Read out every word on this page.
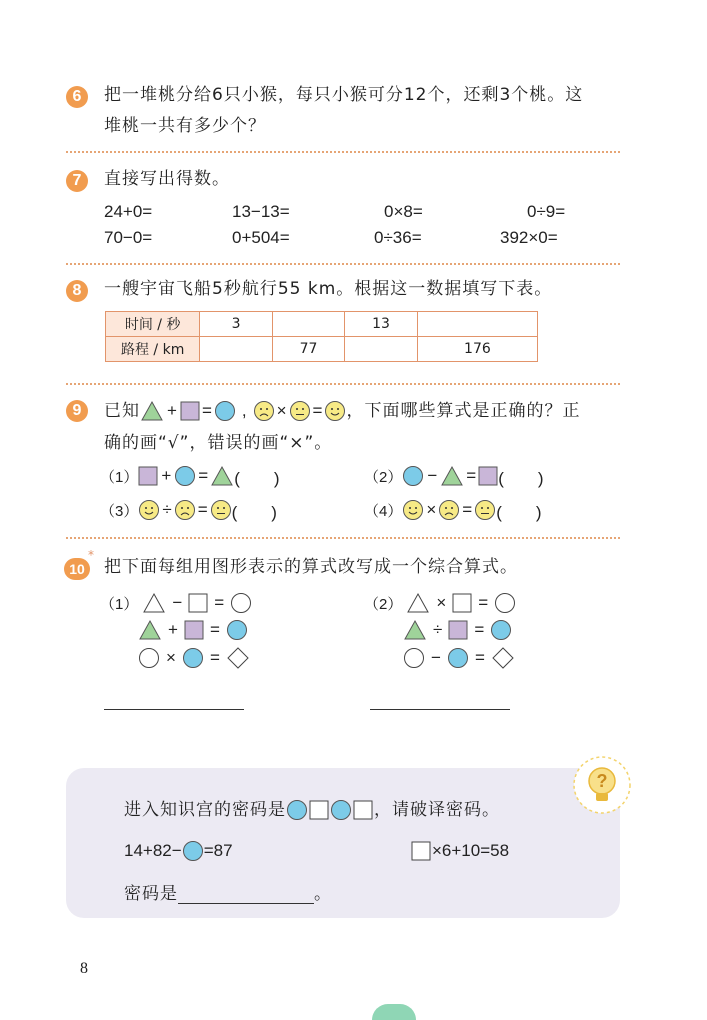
6	把一堆桃分给6只小猴，每只小猴可分12个，还剩3个桃。这
堆桃一共有多少个？
7	直接写出得数。
24+0=	13−13=	0×8=	0÷9=
70−0=	0+504=	0÷36=	392×0=
8	一艘宇宙飞船5秒航行55 km。根据这一数据填写下表。
时间 / 秒	3		13	
路程 / km		77		176
9	已知 + = , × = ，下面哪些算式是正确的？正
确的画“√”，错误的画“×”。
（1） + = (　　)	（2） − = (　　)
（3） ÷ = (　　)	（4） × = (　　)
10
*
把下面每组用图形表示的算式改写成一个综合算式。
（1） − =
+ =
× =
（2） × =
÷ =
− =
?
进入知识宫的密码是	，请破译密码。
14+82− =87	×6+10=58
密码是	。
8
